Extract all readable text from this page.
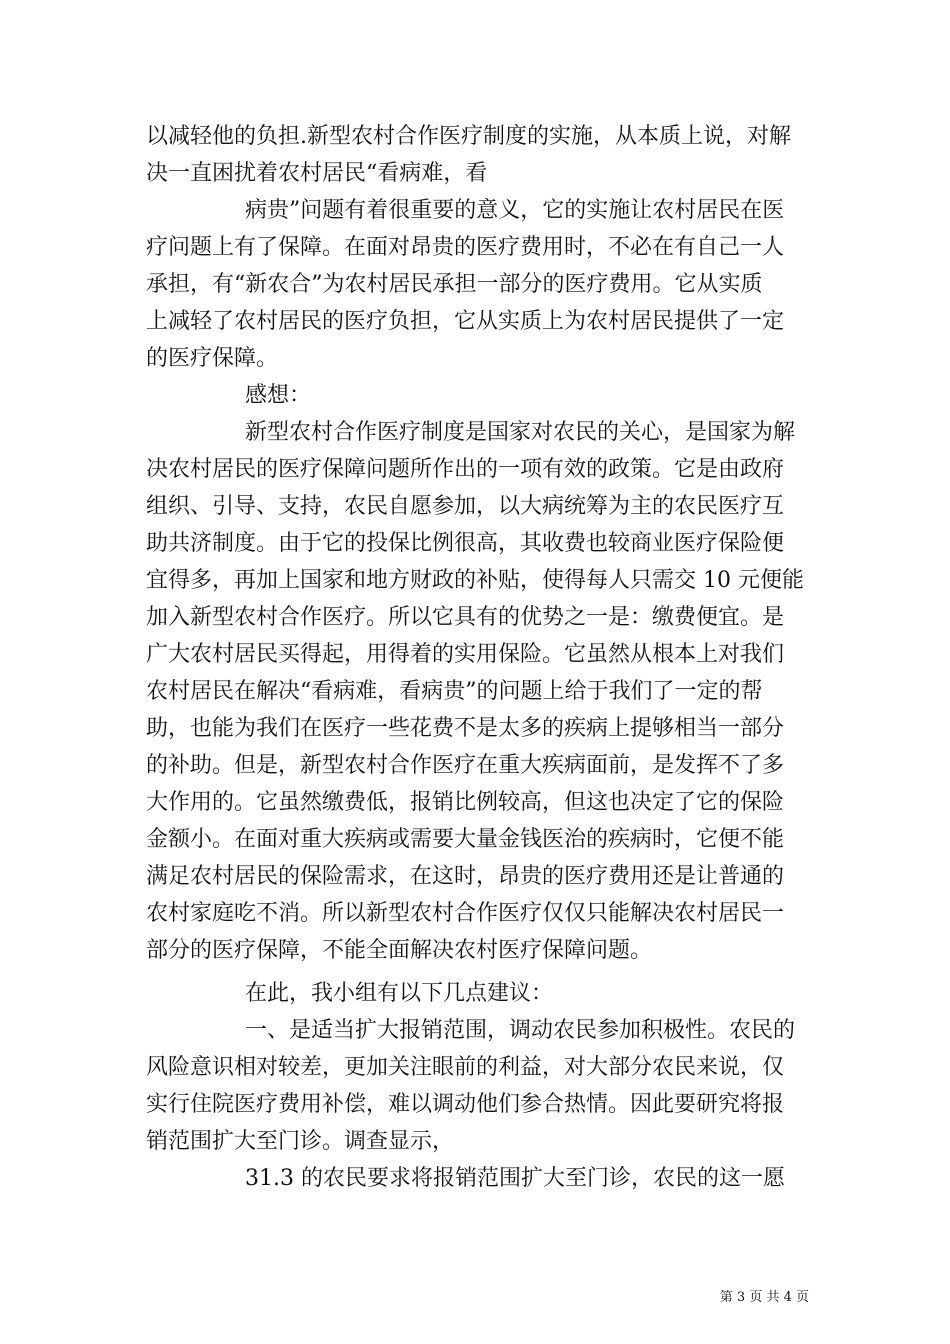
以减轻他的负担.新型农村合作医疗制度的实施，从本质上说，对解
决一直困扰着农村居民“看病难，看
病贵”问题有着很重要的意义，它的实施让农村居民在医
疗问题上有了保障。在面对昂贵的医疗费用时，不必在有自己一人
承担，有“新农合”为农村居民承担一部分的医疗费用。它从实质
上减轻了农村居民的医疗负担，它从实质上为农村居民提供了一定
的医疗保障。
感想：
新型农村合作医疗制度是国家对农民的关心，是国家为解
决农村居民的医疗保障问题所作出的一项有效的政策。它是由政府
组织、引导、支持，农民自愿参加，以大病统筹为主的农民医疗互
助共济制度。由于它的投保比例很高，其收费也较商业医疗保险便
宜得多，再加上国家和地方财政的补贴，使得每人只需交 10 元便能
加入新型农村合作医疗。所以它具有的优势之一是：缴费便宜。是
广大农村居民买得起，用得着的实用保险。它虽然从根本上对我们
农村居民在解决“看病难，看病贵”的问题上给于我们了一定的帮
助，也能为我们在医疗一些花费不是太多的疾病上提够相当一部分
的补助。但是，新型农村合作医疗在重大疾病面前，是发挥不了多
大作用的。它虽然缴费低，报销比例较高，但这也决定了它的保险
金额小。在面对重大疾病或需要大量金钱医治的疾病时，它便不能
满足农村居民的保险需求，在这时，昂贵的医疗费用还是让普通的
农村家庭吃不消。所以新型农村合作医疗仅仅只能解决农村居民一
部分的医疗保障，不能全面解决农村医疗保障问题。
在此，我小组有以下几点建议：
一、是适当扩大报销范围，调动农民参加积极性。农民的
风险意识相对较差，更加关注眼前的利益，对大部分农民来说，仅
实行住院医疗费用补偿，难以调动他们参合热情。因此要研究将报
销范围扩大至门诊。调查显示，
31.3 的农民要求将报销范围扩大至门诊，农民的这一愿
第 3 页 共 4 页
